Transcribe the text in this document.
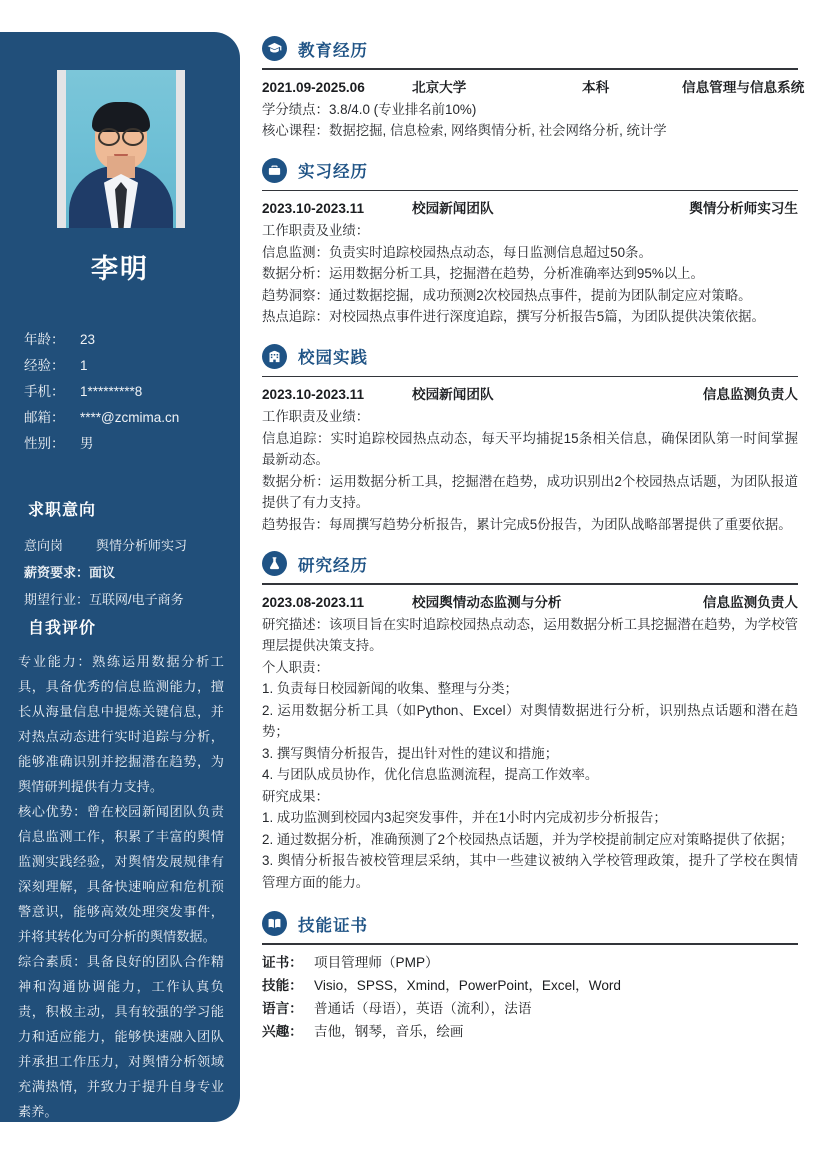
李明
年龄：	23
经验：	1
手机：	1*********8
邮箱：	****@zcmima.cn
性别：	男
求职意向
意向岗	舆情分析师实习
薪资要求： 面议
期望行业： 互联网/电子商务
自我评价

专业能力：熟练运用数据分析工具，具备优秀的信息监测能力，擅长从海量信息中提炼关键信息，并对热点动态进行实时追踪与分析，能够准确识别并挖掘潜在趋势，为舆情研判提供有力支持。

核心优势：曾在校园新闻团队负责信息监测工作，积累了丰富的舆情监测实践经验，对舆情发展规律有深刻理解，具备快速响应和危机预警意识，能够高效处理突发事件，并将其转化为可分析的舆情数据。

综合素质：具备良好的团队合作精神和沟通协调能力，工作认真负责，积极主动，具有较强的学习能力和适应能力，能够快速融入团队并承担工作压力，对舆情分析领域充满热情，并致力于提升自身专业素养。

教育经历
2021.09-2025.06	北京大学	本科	信息管理与信息系统

学分绩点：3.8/4.0 (专业排名前10%)

核心课程：数据挖掘, 信息检索, 网络舆情分析, 社会网络分析, 统计学

实习经历
2023.10-2023.11	校园新闻团队	舆情分析师实习生

工作职责及业绩：

信息监测：负责实时追踪校园热点动态，每日监测信息超过50条。

数据分析：运用数据分析工具，挖掘潜在趋势，分析准确率达到95%以上。

趋势洞察：通过数据挖掘，成功预测2次校园热点事件，提前为团队制定应对策略。

热点追踪：对校园热点事件进行深度追踪，撰写分析报告5篇，为团队提供决策依据。

校园实践
2023.10-2023.11	校园新闻团队	信息监测负责人

工作职责及业绩：

信息追踪：实时追踪校园热点动态，每天平均捕捉15条相关信息，确保团队第一时间掌握最新动态。

数据分析：运用数据分析工具，挖掘潜在趋势，成功识别出2个校园热点话题，为团队报道提供了有力支持。

趋势报告：每周撰写趋势分析报告，累计完成5份报告，为团队战略部署提供了重要依据。

研究经历
2023.08-2023.11	校园舆情动态监测与分析	信息监测负责人

研究描述：该项目旨在实时追踪校园热点动态，运用数据分析工具挖掘潜在趋势，为学校管理层提供决策支持。

个人职责：

1. 负责每日校园新闻的收集、整理与分类；

2. 运用数据分析工具（如Python、Excel）对舆情数据进行分析，识别热点话题和潜在趋势；

3. 撰写舆情分析报告，提出针对性的建议和措施；

4. 与团队成员协作，优化信息监测流程，提高工作效率。

研究成果：

1. 成功监测到校园内3起突发事件，并在1小时内完成初步分析报告；

2. 通过数据分析，准确预测了2个校园热点话题，并为学校提前制定应对策略提供了依据；

3. 舆情分析报告被校管理层采纳，其中一些建议被纳入学校管理政策，提升了学校在舆情管理方面的能力。

技能证书
证书： 项目管理师（PMP）
技能： Visio，SPSS，Xmind，PowerPoint，Excel，Word
语言： 普通话（母语），英语（流利），法语
兴趣： 吉他，钢琴，音乐，绘画
